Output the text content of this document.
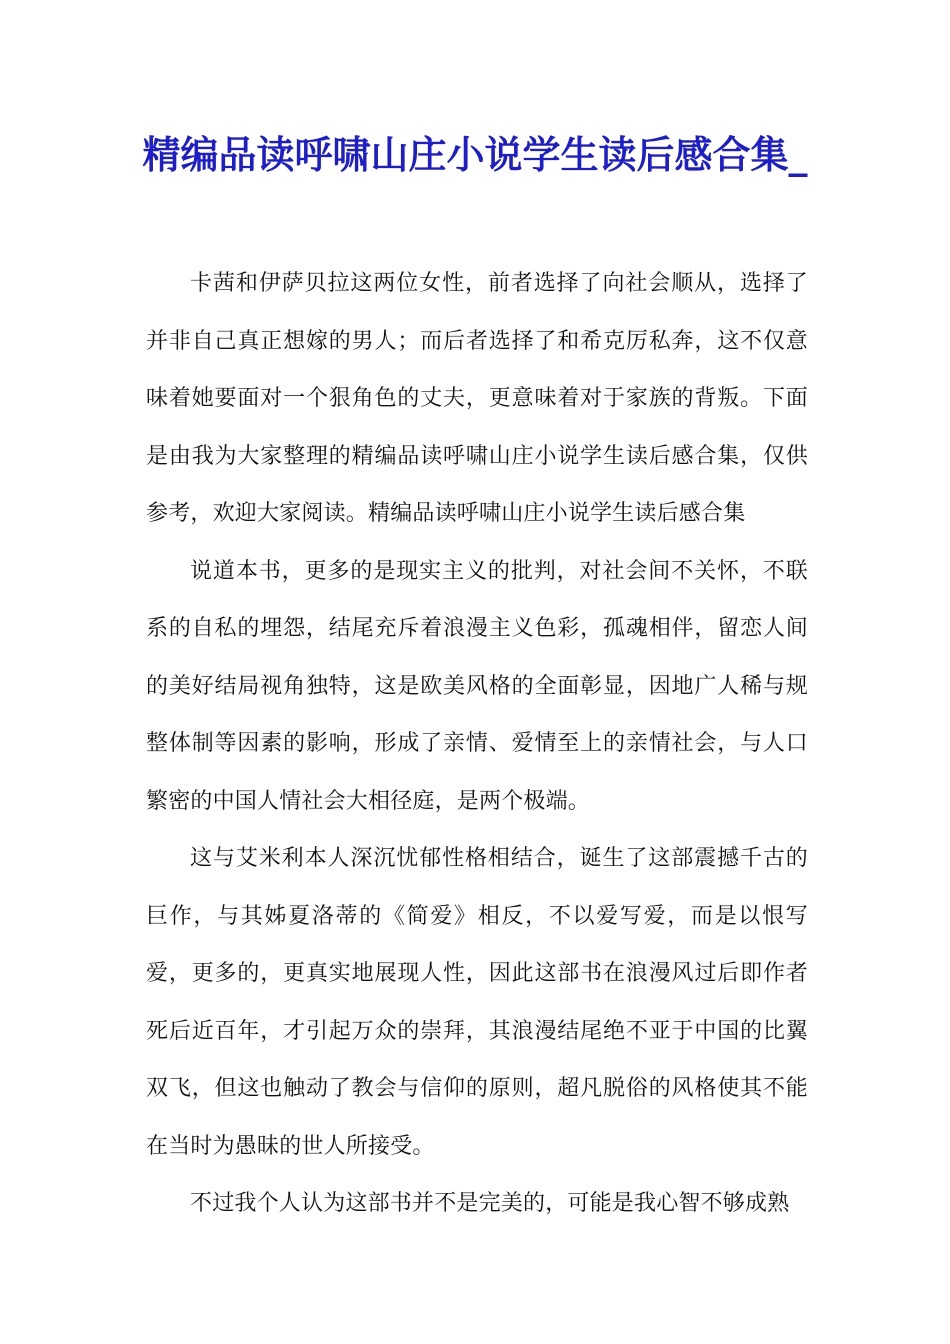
精编品读呼啸山庄小说学生读后感合集_

卡茜和伊萨贝拉这两位女性，前者选择了向社会顺从，选择了并非自己真正想嫁的男人；而后者选择了和希克厉私奔，这不仅意味着她要面对一个狠角色的丈夫，更意味着对于家族的背叛。下面是由我为大家整理的精编品读呼啸山庄小说学生读后感合集，仅供参考，欢迎大家阅读。精编品读呼啸山庄小说学生读后感合集

说道本书，更多的是现实主义的批判，对社会间不关怀，不联系的自私的埋怨，结尾充斥着浪漫主义色彩，孤魂相伴，留恋人间的美好结局视角独特，这是欧美风格的全面彰显，因地广人稀与规整体制等因素的影响，形成了亲情、爱情至上的亲情社会，与人口繁密的中国人情社会大相径庭，是两个极端。

这与艾米利本人深沉忧郁性格相结合，诞生了这部震撼千古的巨作，与其姊夏洛蒂的《简爱》相反，不以爱写爱，而是以恨写爱，更多的，更真实地展现人性，因此这部书在浪漫风过后即作者死后近百年，才引起万众的崇拜，其浪漫结尾绝不亚于中国的比翼双飞，但这也触动了教会与信仰的原则，超凡脱俗的风格使其不能在当时为愚昧的世人所接受。

不过我个人认为这部书并不是完美的，可能是我心智不够成熟
